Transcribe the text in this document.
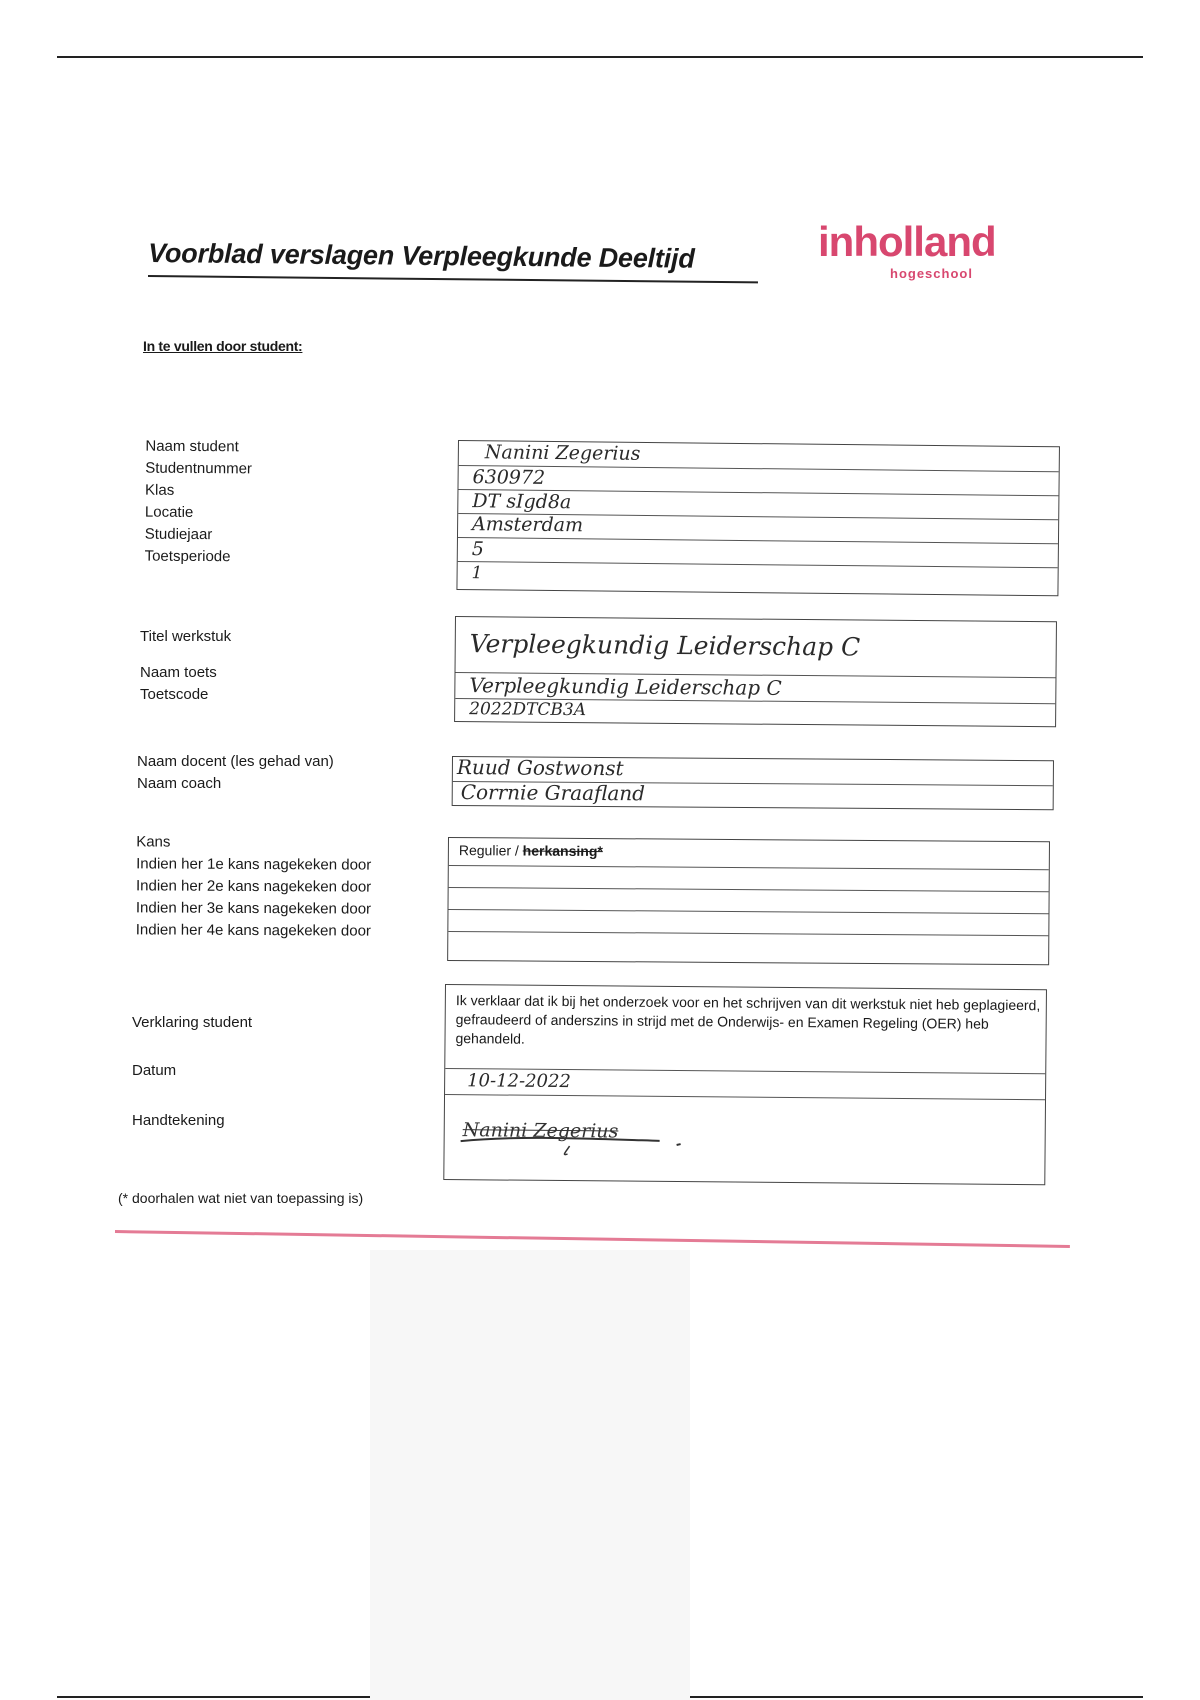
Voorblad verslagen Verpleegkunde Deeltijd	inholland
hogeschool
In te vullen door student:
Naam student
Studentnummer
Klas
Locatie
Studiejaar
Toetsperiode
Nanini Zegerius
630972
DT sIgd8a
Amsterdam
5
1
Titel werkstuk
Naam toets
Toetscode
Verpleegkundig Leiderschap C
Verpleegkundig Leiderschap C
2022DTCB3A
Naam docent (les gehad van)
Naam coach
Ruud Gostwonst
Corrnie Graafland
Kans
Indien her 1e kans nagekeken door
Indien her 2e kans nagekeken door
Indien her 3e kans nagekeken door
Indien her 4e kans nagekeken door
Regulier / herkansing*
Verklaring student
Datum
Handtekening
Ik verklaar dat ik bij het onderzoek voor en het schrijven van dit werkstuk niet heb geplagieerd, gefraudeerd of anderszins in strijd met de Onderwijs- en Examen Regeling (OER) heb gehandeld.
10-12-2022
Nanini Zegerius
(* doorhalen wat niet van toepassing is)
